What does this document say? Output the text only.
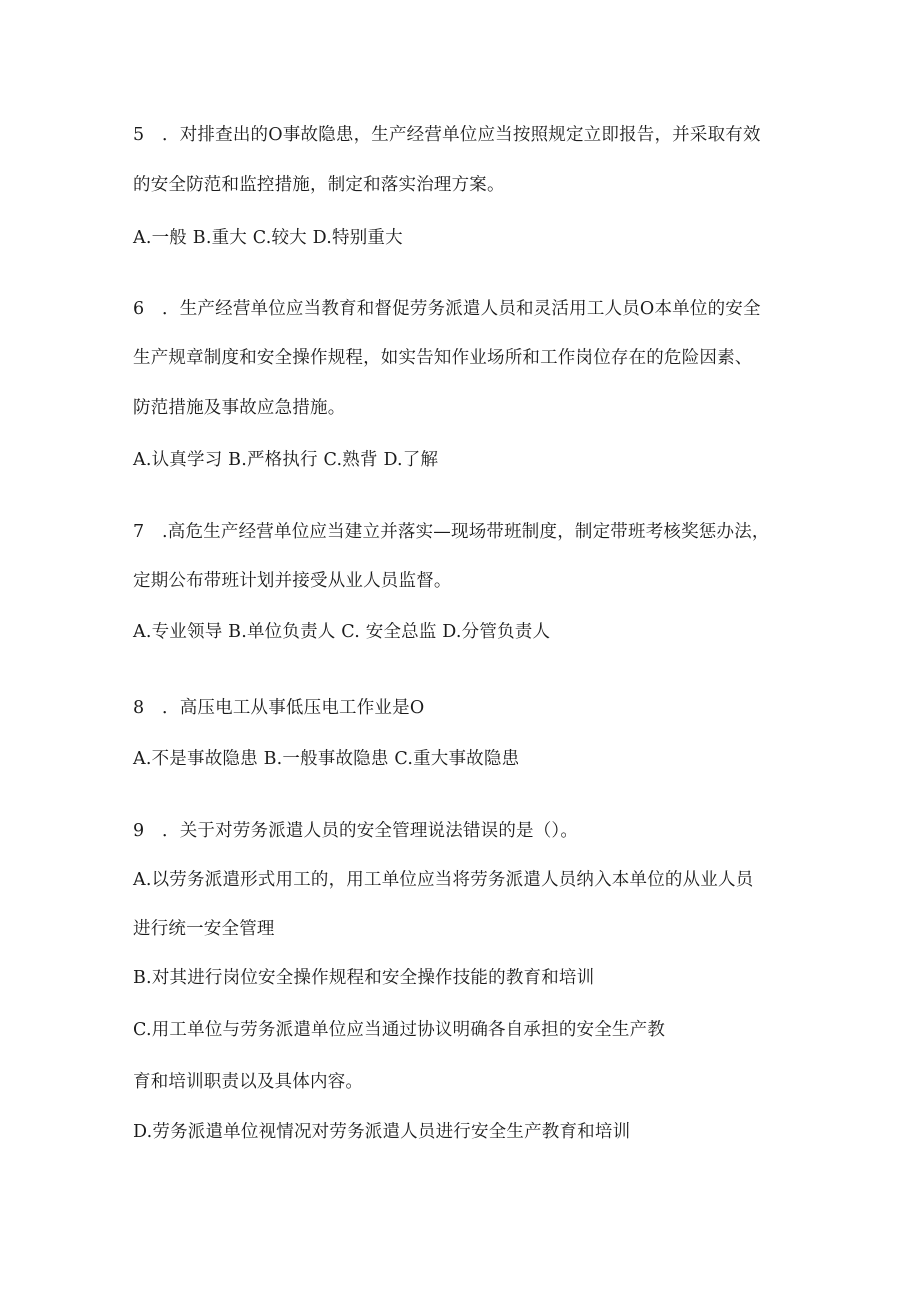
5　．对排查出的O事故隐患，生产经营单位应当按照规定立即报告，并采取有效
的安全防范和监控措施，制定和落实治理方案。
A.一般 B.重大 C.较大 D.特别重大
6　．生产经营单位应当教育和督促劳务派遣人员和灵活用工人员O本单位的安全
生产规章制度和安全操作规程，如实告知作业场所和工作岗位存在的危险因素、
防范措施及事故应急措施。
A.认真学习 B.严格执行 C.熟背 D.了解
7　.高危生产经营单位应当建立并落实—现场带班制度，制定带班考核奖惩办法，
定期公布带班计划并接受从业人员监督。
A.专业领导 B.单位负责人 C. 安全总监 D.分管负责人
8　．高压电工从事低压电工作业是O
A.不是事故隐患 B.一般事故隐患 C.重大事故隐患
9　．关于对劳务派遣人员的安全管理说法错误的是（）。
A.以劳务派遣形式用工的，用工单位应当将劳务派遣人员纳入本单位的从业人员
进行统一安全管理
B.对其进行岗位安全操作规程和安全操作技能的教育和培训
C.用工单位与劳务派遣单位应当通过协议明确各自承担的安全生产教
育和培训职责以及具体内容。
D.劳务派遣单位视情况对劳务派遣人员进行安全生产教育和培训
